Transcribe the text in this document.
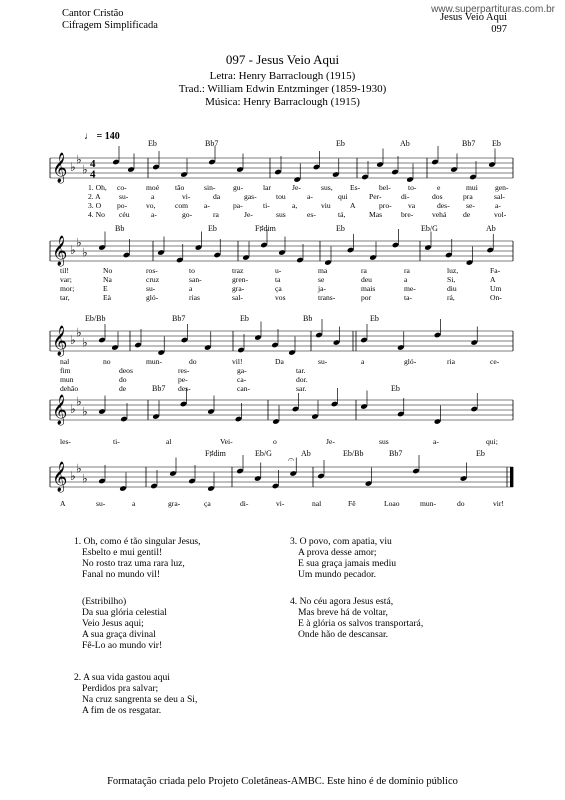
Cantor Cristão
Cifragem Simplificada
www.superpartituras.com.br
Jesus Veio Aqui
097
097 - Jesus Veio Aqui
Letra: Henry Barraclough (1915)
Trad.: William Edwin Entzminger (1859-1930)
Música: Henry Barraclough (1915)
♩ = 140
𝄞 ♭
♭
♭ 4
4
𝄞 ♭
♭
♭
𝄞 ♭
♭
♭
𝄞 ♭
♭
♭
𝄞 ♭
♭
♭
𝄐
Eb	Bb7	Eb	Ab	Bb7 Eb
1. Oh, co-	moé tão	sin- gu-	lar	Je-	sus, Es- bel- to-	e	mui gen-
2. A su-	a	vi-	da	gas-	tou	a-	qui	Per-	di-	dos	pra	sal-
3. O po- vo,	com a-	pa-	ti-	a,	viu	A	pro- va	des- se-	a-
4. No céu	a-	go-	ra	Je-	sus	es-	tá,	Mas bre- vehá de	vol-
Bb	Eb	F♯dim	Eb	Eb/G	Ab
til!	No	ros-	to	traz	u-	ma	ra	ra	luz,	Fa-
var;	Na	cruz	san-	gren-	ta	se	deu	a	Si,	A
mor;	E	su-	a	gra-	ça	ja-	mais	me-	diu	Um
tar,	Eà	gló-	rias	sal-	vos	trans-	por	ta-	rá,	On-
Eb/Bb	Bb7	Eb	Bb	Eb
nal	no	mun-	do	vil!	Da	su-	a	gló-	ria	ce-
fim	deos	res-	ga-	tar.
mun	do	pe-	ca-	dor.
dehão	de	des-	can-	sar.
Bb7	Eb
les-	ti-	al	Vei-	o	Je-	sus	a-	qui;
F♯dim	Eb/G	Ab	Eb/Bb	Bb7	Eb
A	su-	a	gra-	ça	di-	vi-	nal	Fê	Loao	mun-	do	vir!
1. Oh, como é tão singular Jesus,
Esbelto e mui gentil!
No rosto traz uma rara luz,
Fanal no mundo vil!
(Estribilho)
Da sua glória celestial
Veio Jesus aqui;
A sua graça divinal
Fê-Lo ao mundo vir!
2. A sua vida gastou aqui
Perdidos pra salvar;
Na cruz sangrenta se deu a Si,
A fim de os resgatar.
3. O povo, com apatia, viu
A prova desse amor;
E sua graça jamais mediu
Um mundo pecador.
4. No céu agora Jesus está,
Mas breve há de voltar,
E à glória os salvos transportará,
Onde hão de descansar.
Formatação criada pelo Projeto Coletâneas-AMBC. Este hino é de domínio público
